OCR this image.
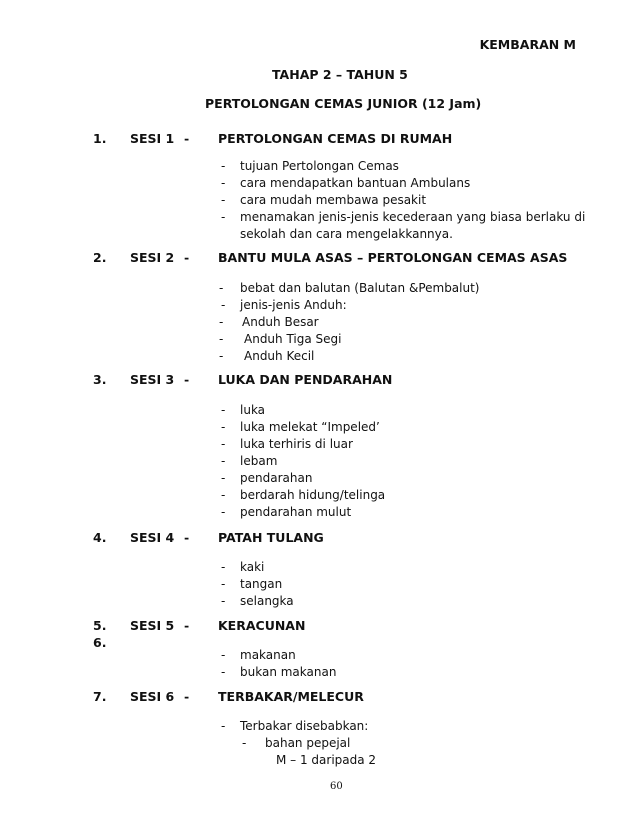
KEMBARAN M
TAHAP 2 – TAHUN 5
PERTOLONGAN CEMAS JUNIOR (12 Jam)
1. SESI 1 - PERTOLONGAN CEMAS DI RUMAH
- tujuan Pertolongan Cemas
- cara mendapatkan bantuan Ambulans
- cara mudah membawa pesakit
- menamakan jenis-jenis kecederaan yang biasa berlaku di
sekolah dan cara mengelakkannya.
2. SESI 2 - BANTU MULA ASAS – PERTOLONGAN CEMAS ASAS
- bebat dan balutan (Balutan &Pembalut)
- jenis-jenis Anduh:
- Anduh Besar
- Anduh Tiga Segi
- Anduh Kecil
3. SESI 3 - LUKA DAN PENDARAHAN
- luka
- luka melekat “Impeled’
- luka terhiris di luar
- lebam
- pendarahan
- berdarah hidung/telinga
- pendarahan mulut
4. SESI 4 - PATAH TULANG
- kaki
- tangan
- selangka
5.
6.
SESI 5 - KERACUNAN
- makanan
- bukan makanan
7. SESI 6 - TERBAKAR/MELECUR
- Terbakar disebabkan:
- bahan pepejal
M – 1 daripada 2
60
